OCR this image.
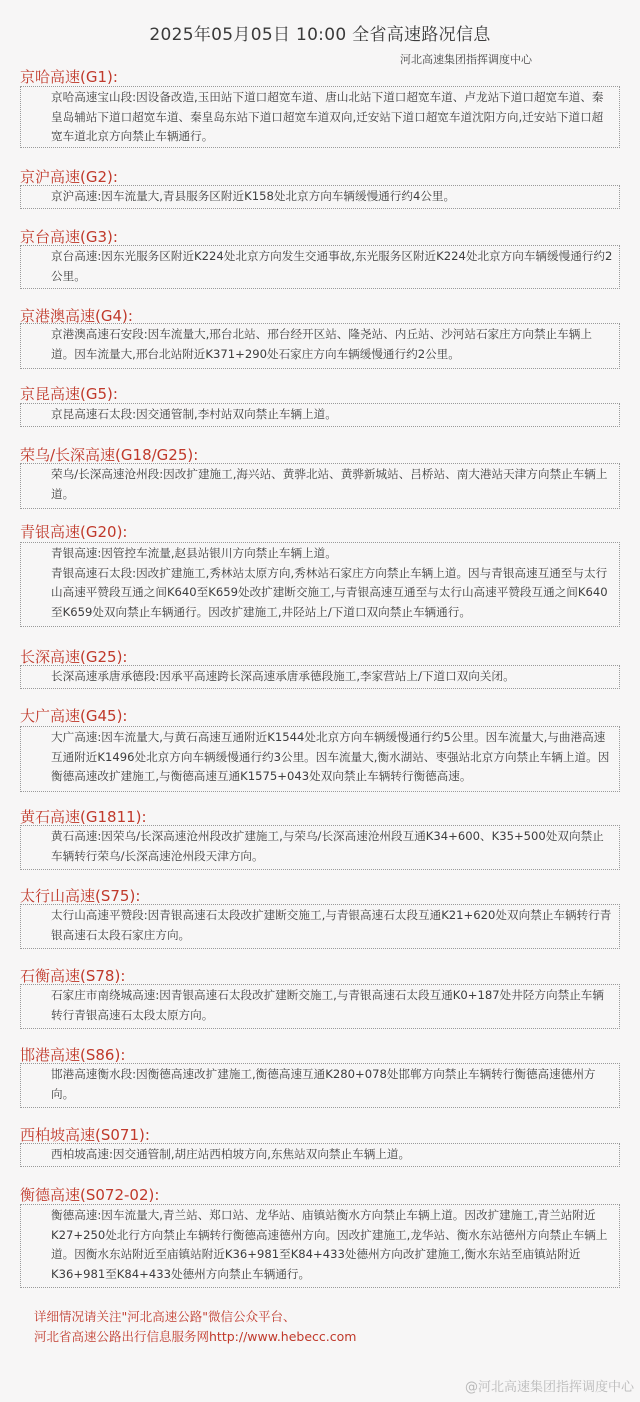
2025年05月05日 10:00 全省高速路况信息
河北高速集团指挥调度中心
京哈高速(G1):
京哈高速宝山段:因设备改造,玉田站下道口超宽车道、唐山北站下道口超宽车道、卢龙站下道口超宽车道、秦皇岛辅站下道口超宽车道、秦皇岛东站下道口超宽车道双向,迁安站下道口超宽车道沈阳方向,迁安站下道口超宽车道北京方向禁止车辆通行。
京沪高速(G2):
京沪高速:因车流量大,青县服务区附近K158处北京方向车辆缓慢通行约4公里。
京台高速(G3):
京台高速:因东光服务区附近K224处北京方向发生交通事故,东光服务区附近K224处北京方向车辆缓慢通行约2公里。
京港澳高速(G4):
京港澳高速石安段:因车流量大,邢台北站、邢台经开区站、隆尧站、内丘站、沙河站石家庄方向禁止车辆上道。因车流量大,邢台北站附近K371+290处石家庄方向车辆缓慢通行约2公里。
京昆高速(G5):
京昆高速石太段:因交通管制,李村站双向禁止车辆上道。
荣乌/长深高速(G18/G25):
荣乌/长深高速沧州段:因改扩建施工,海兴站、黄骅北站、黄骅新城站、吕桥站、南大港站天津方向禁止车辆上道。
青银高速(G20):
青银高速:因管控车流量,赵县站银川方向禁止车辆上道。
青银高速石太段:因改扩建施工,秀林站太原方向,秀林站石家庄方向禁止车辆上道。因与青银高速互通至与太行山高速平赞段互通之间K640至K659处改扩建断交施工,与青银高速互通至与太行山高速平赞段互通之间K640至K659处双向禁止车辆通行。因改扩建施工,井陉站上/下道口双向禁止车辆通行。
长深高速(G25):
长深高速承唐承德段:因承平高速跨长深高速承唐承德段施工,李家营站上/下道口双向关闭。
大广高速(G45):
大广高速:因车流量大,与黄石高速互通附近K1544处北京方向车辆缓慢通行约5公里。因车流量大,与曲港高速互通附近K1496处北京方向车辆缓慢通行约3公里。因车流量大,衡水湖站、枣强站北京方向禁止车辆上道。因衡德高速改扩建施工,与衡德高速互通K1575+043处双向禁止车辆转行衡德高速。
黄石高速(G1811):
黄石高速:因荣乌/长深高速沧州段改扩建施工,与荣乌/长深高速沧州段互通K34+600、K35+500处双向禁止车辆转行荣乌/长深高速沧州段天津方向。
太行山高速(S75):
太行山高速平赞段:因青银高速石太段改扩建断交施工,与青银高速石太段互通K21+620处双向禁止车辆转行青银高速石太段石家庄方向。
石衡高速(S78):
石家庄市南绕城高速:因青银高速石太段改扩建断交施工,与青银高速石太段互通K0+187处井陉方向禁止车辆转行青银高速石太段太原方向。
邯港高速(S86):
邯港高速衡水段:因衡德高速改扩建施工,衡德高速互通K280+078处邯郸方向禁止车辆转行衡德高速德州方向。
西柏坡高速(S071):
西柏坡高速:因交通管制,胡庄站西柏坡方向,东焦站双向禁止车辆上道。
衡德高速(S072-02):
衡德高速:因车流量大,青兰站、郑口站、龙华站、庙镇站衡水方向禁止车辆上道。因改扩建施工,青兰站附近K27+250处北行方向禁止车辆转行衡德高速德州方向。因改扩建施工,龙华站、衡水东站德州方向禁止车辆上道。因衡水东站附近至庙镇站附近K36+981至K84+433处德州方向改扩建施工,衡水东站至庙镇站附近K36+981至K84+433处德州方向禁止车辆通行。
详细情况请关注"河北高速公路"微信公众平台、
河北省高速公路出行信息服务网http://www.hebecc.com
@河北高速集团指挥调度中心
